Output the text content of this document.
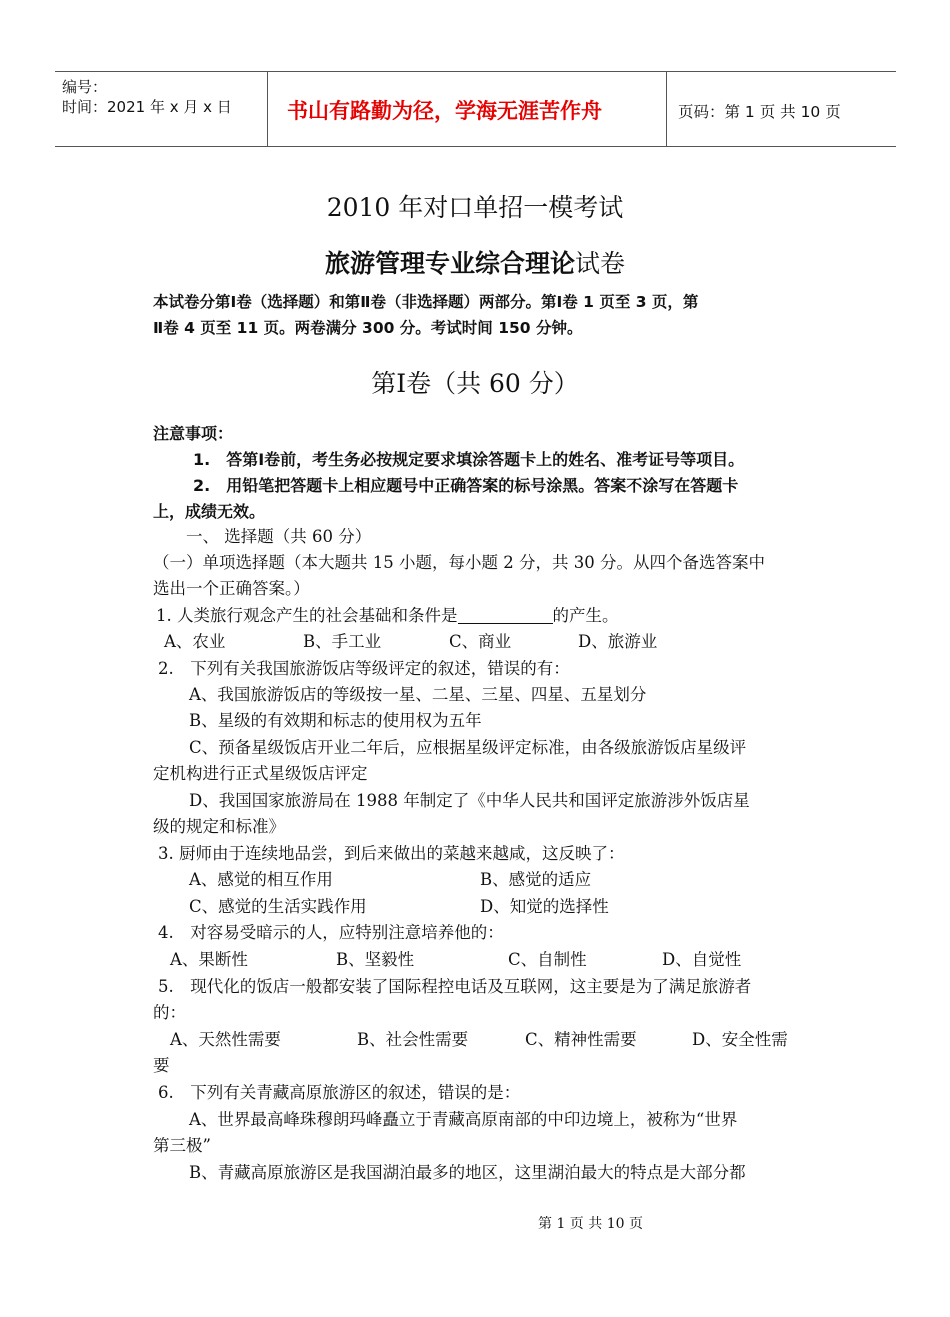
编号：
时间：2021 年 x 月 x 日	书山有路勤为径，学海无涯苦作舟	页码：第 1 页 共 10 页
2010 年对口单招一模考试
旅游管理专业综合理论试卷
本试卷分第Ⅰ卷（选择题）和第Ⅱ卷（非选择题）两部分。第Ⅰ卷 1 页至 3 页，第
Ⅱ卷 4 页至 11 页。两卷满分 300 分。考试时间 150 分钟。
第Ⅰ卷（共 60 分）
注意事项：
1.　答第Ⅰ卷前，考生务必按规定要求填涂答题卡上的姓名、准考证号等项目。
2.　用铅笔把答题卡上相应题号中正确答案的标号涂黑。答案不涂写在答题卡
上，成绩无效。
一、 选择题（共 60 分）
（一）单项选择题（本大题共 15 小题，每小题 2 分，共 30 分。从四个备选答案中
选出一个正确答案。）
1. 人类旅行观念产生的社会基础和条件是	的产生。
A、农业	B、手工业	C、商业	D、旅游业
2.　下列有关我国旅游饭店等级评定的叙述，错误的有：
A、我国旅游饭店的等级按一星、二星、三星、四星、五星划分
B、星级的有效期和标志的使用权为五年
C、预备星级饭店开业二年后，应根据星级评定标准，由各级旅游饭店星级评
定机构进行正式星级饭店评定
D、我国国家旅游局在 1988 年制定了《中华人民共和国评定旅游涉外饭店星
级的规定和标准》
3. 厨师由于连续地品尝，到后来做出的菜越来越咸，这反映了：
A、感觉的相互作用	B、感觉的适应
C、感觉的生活实践作用	D、知觉的选择性
4.　对容易受暗示的人，应特别注意培养他的：
A、果断性	B、坚毅性	C、自制性	D、自觉性
5.　现代化的饭店一般都安装了国际程控电话及互联网，这主要是为了满足旅游者
的：
A、天然性需要	B、社会性需要	C、精神性需要	D、安全性需
要
6.　下列有关青藏高原旅游区的叙述，错误的是：
A、世界最高峰珠穆朗玛峰矗立于青藏高原南部的中印边境上，被称为“世界
第三极”
B、青藏高原旅游区是我国湖泊最多的地区，这里湖泊最大的特点是大部分都
第 1 页 共 10 页
